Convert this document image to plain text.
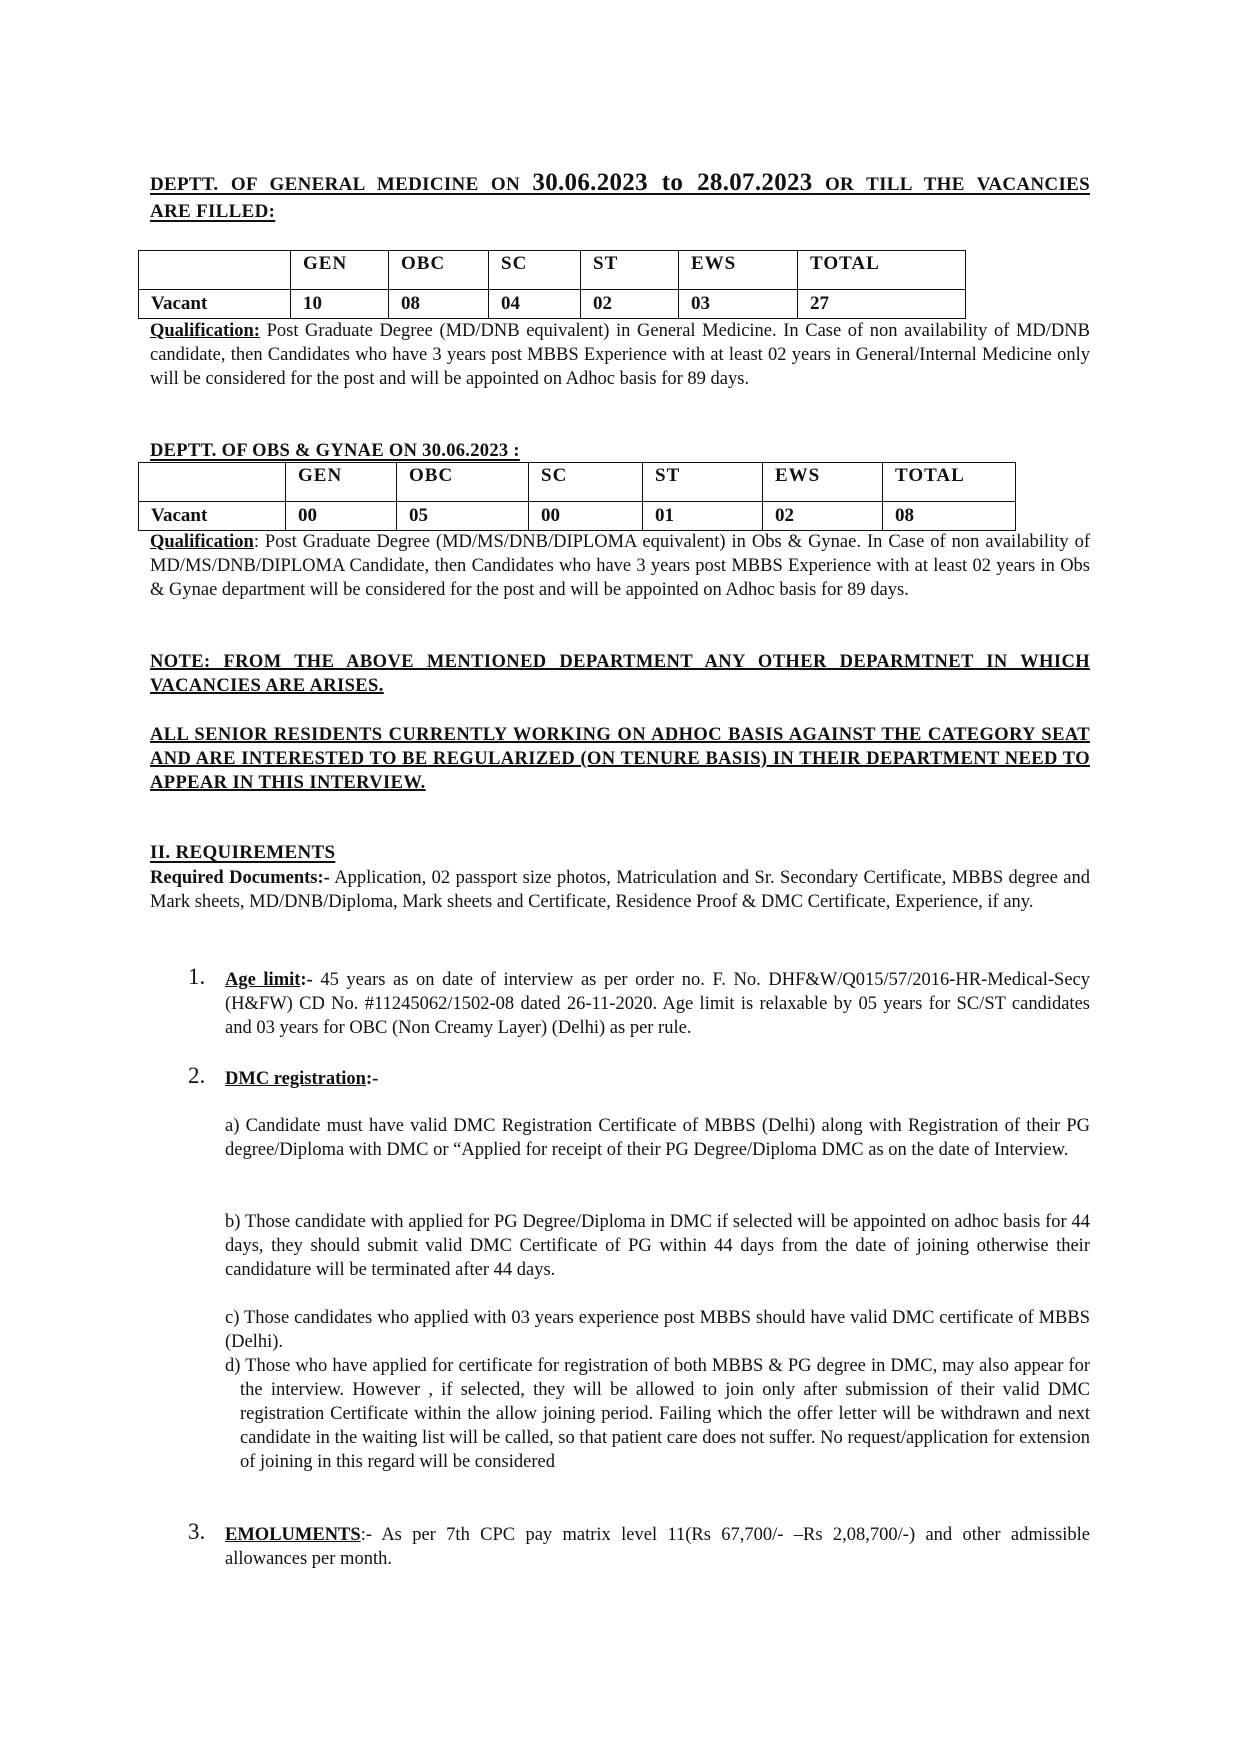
DEPTT. OF GENERAL MEDICINE ON 30.06.2023 to 28.07.2023 OR TILL THE VACANCIES
ARE FILLED:
	GEN	OBC	SC	ST	EWS	TOTAL
Vacant	10	08	04	02	03	27
Qualification: Post Graduate Degree (MD/DNB equivalent) in General Medicine. In Case of non availability of MD/DNB candidate, then Candidates who have 3 years post MBBS Experience with at least 02 years in General/Internal Medicine only will be considered for the post and will be appointed on Adhoc basis for 89 days.
DEPTT. OF OBS & GYNAE ON 30.06.2023 :
	GEN	OBC	SC	ST	EWS	TOTAL
Vacant	00	05	00	01	02	08
Qualification: Post Graduate Degree (MD/MS/DNB/DIPLOMA equivalent) in Obs & Gynae. In Case of non availability of MD/MS/DNB/DIPLOMA Candidate, then Candidates who have 3 years post MBBS Experience with at least 02 years in Obs & Gynae department will be considered for the post and will be appointed on Adhoc basis for 89 days.
NOTE: FROM THE ABOVE MENTIONED DEPARTMENT ANY OTHER DEPARMTNET IN WHICH VACANCIES ARE ARISES.
ALL SENIOR RESIDENTS CURRENTLY WORKING ON ADHOC BASIS AGAINST THE CATEGORY SEAT AND ARE INTERESTED TO BE REGULARIZED (ON TENURE BASIS) IN THEIR DEPARTMENT NEED TO APPEAR IN THIS INTERVIEW.
II. REQUIREMENTS
Required Documents:- Application, 02 passport size photos, Matriculation and Sr. Secondary Certificate, MBBS degree and Mark sheets, MD/DNB/Diploma, Mark sheets and Certificate, Residence Proof & DMC Certificate, Experience, if any.
1. Age limit:- 45 years as on date of interview as per order no. F. No. DHF&W/Q015/57/2016-HR-Medical-Secy (H&FW) CD No. #11245062/1502-08 dated 26-11-2020. Age limit is relaxable by 05 years for SC/ST candidates and 03 years for OBC (Non Creamy Layer) (Delhi) as per rule.
2. DMC registration:-
a) Candidate must have valid DMC Registration Certificate of MBBS (Delhi) along with Registration of their PG degree/Diploma with DMC or “Applied for receipt of their PG Degree/Diploma DMC as on the date of Interview.
b) Those candidate with applied for PG Degree/Diploma in DMC if selected will be appointed on adhoc basis for 44 days, they should submit valid DMC Certificate of PG within 44 days from the date of joining otherwise their candidature will be terminated after 44 days.
c) Those candidates who applied with 03 years experience post MBBS should have valid DMC certificate of MBBS (Delhi).
d) Those who have applied for certificate for registration of both MBBS & PG degree in DMC, may also appear for the interview. However , if selected, they will be allowed to join only after submission of their valid DMC registration Certificate within the allow joining period. Failing which the offer letter will be withdrawn and next candidate in the waiting list will be called, so that patient care does not suffer. No request/application for extension of joining in this regard will be considered
3. EMOLUMENTS:- As per 7th CPC pay matrix level 11(Rs 67,700/- –Rs 2,08,700/-) and other admissible allowances per month.
